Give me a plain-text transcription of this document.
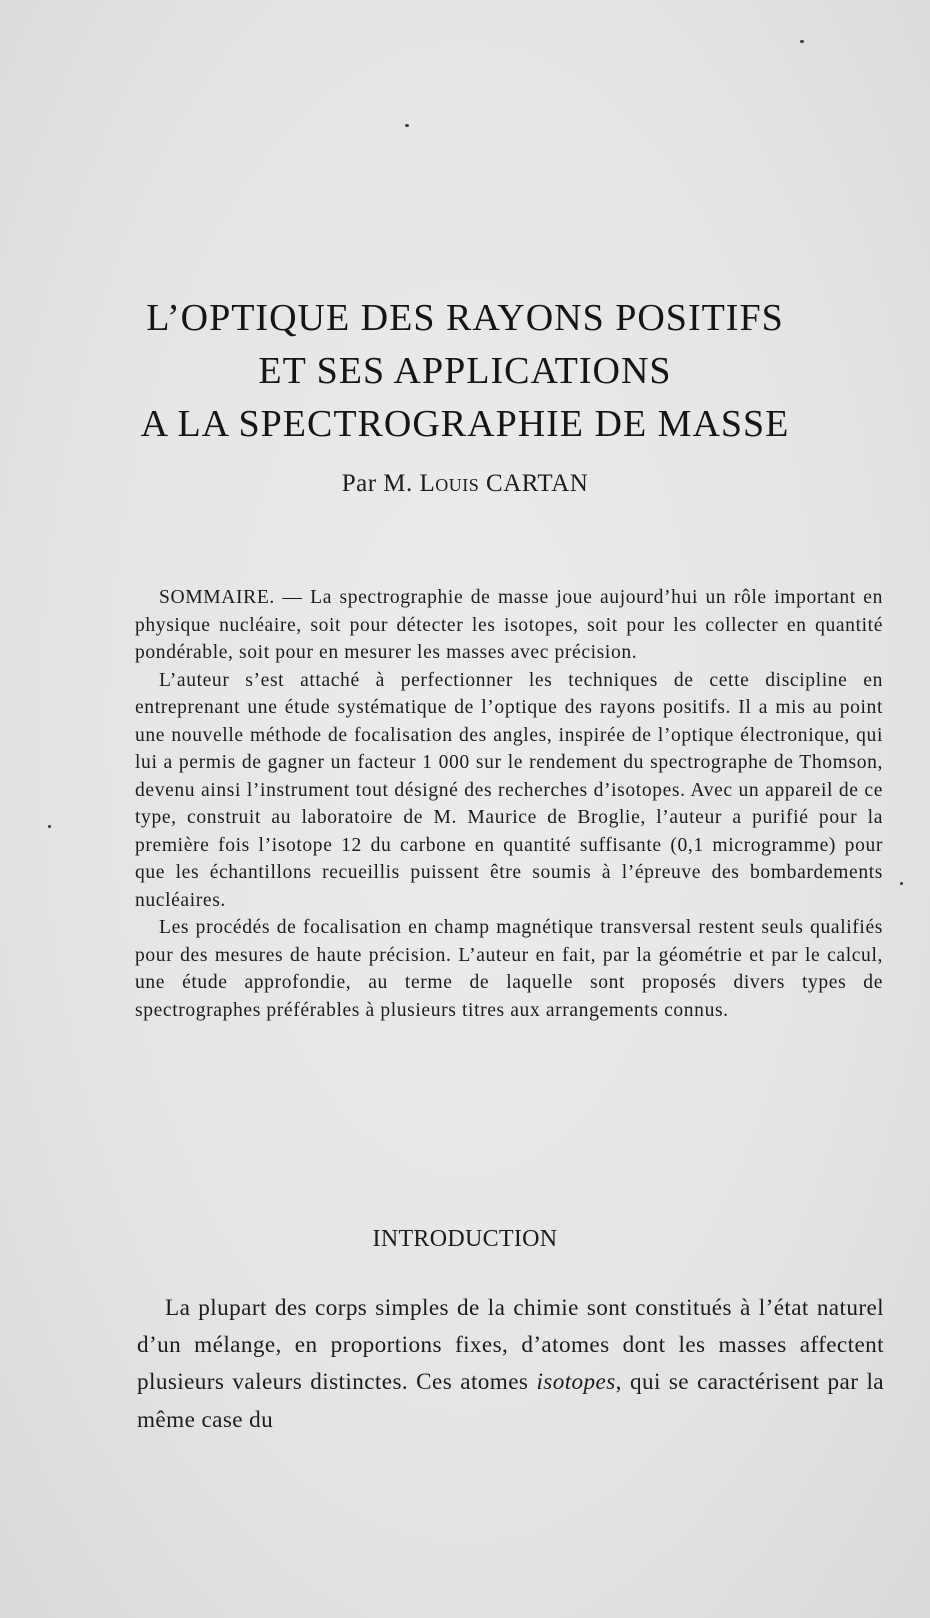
L’OPTIQUE DES RAYONS POSITIFS
ET SES APPLICATIONS
A LA SPECTROGRAPHIE DE MASSE
Par M. Louis CARTAN

SOMMAIRE. — La spectrographie de masse joue aujourd’hui un rôle important en physique nucléaire, soit pour détecter les isotopes, soit pour les collecter en quantité pondérable, soit pour en mesurer les masses avec précision.

L’auteur s’est attaché à perfectionner les techniques de cette discipline en entreprenant une étude systématique de l’optique des rayons positifs. Il a mis au point une nouvelle méthode de focalisation des angles, inspirée de l’optique électronique, qui lui a permis de gagner un facteur 1 000 sur le rendement du spectrographe de Thomson, devenu ainsi l’instrument tout désigné des recherches d’isotopes. Avec un appareil de ce type, construit au laboratoire de M. Maurice de Broglie, l’auteur a purifié pour la première fois l’isotope 12 du carbone en quantité suffisante (0,1 microgramme) pour que les échantillons recueillis puissent être soumis à l’épreuve des bombardements nucléaires.

Les procédés de focalisation en champ magnétique transversal restent seuls qualifiés pour des mesures de haute précision. L’auteur en fait, par la géométrie et par le calcul, une étude approfondie, au terme de laquelle sont proposés divers types de spectrographes préférables à plusieurs titres aux arrangements connus.

INTRODUCTION

La plupart des corps simples de la chimie sont constitués à l’état naturel d’un mélange, en proportions fixes, d’atomes dont les masses affectent plusieurs valeurs distinctes. Ces atomes isotopes, qui se caractérisent par la même case du
